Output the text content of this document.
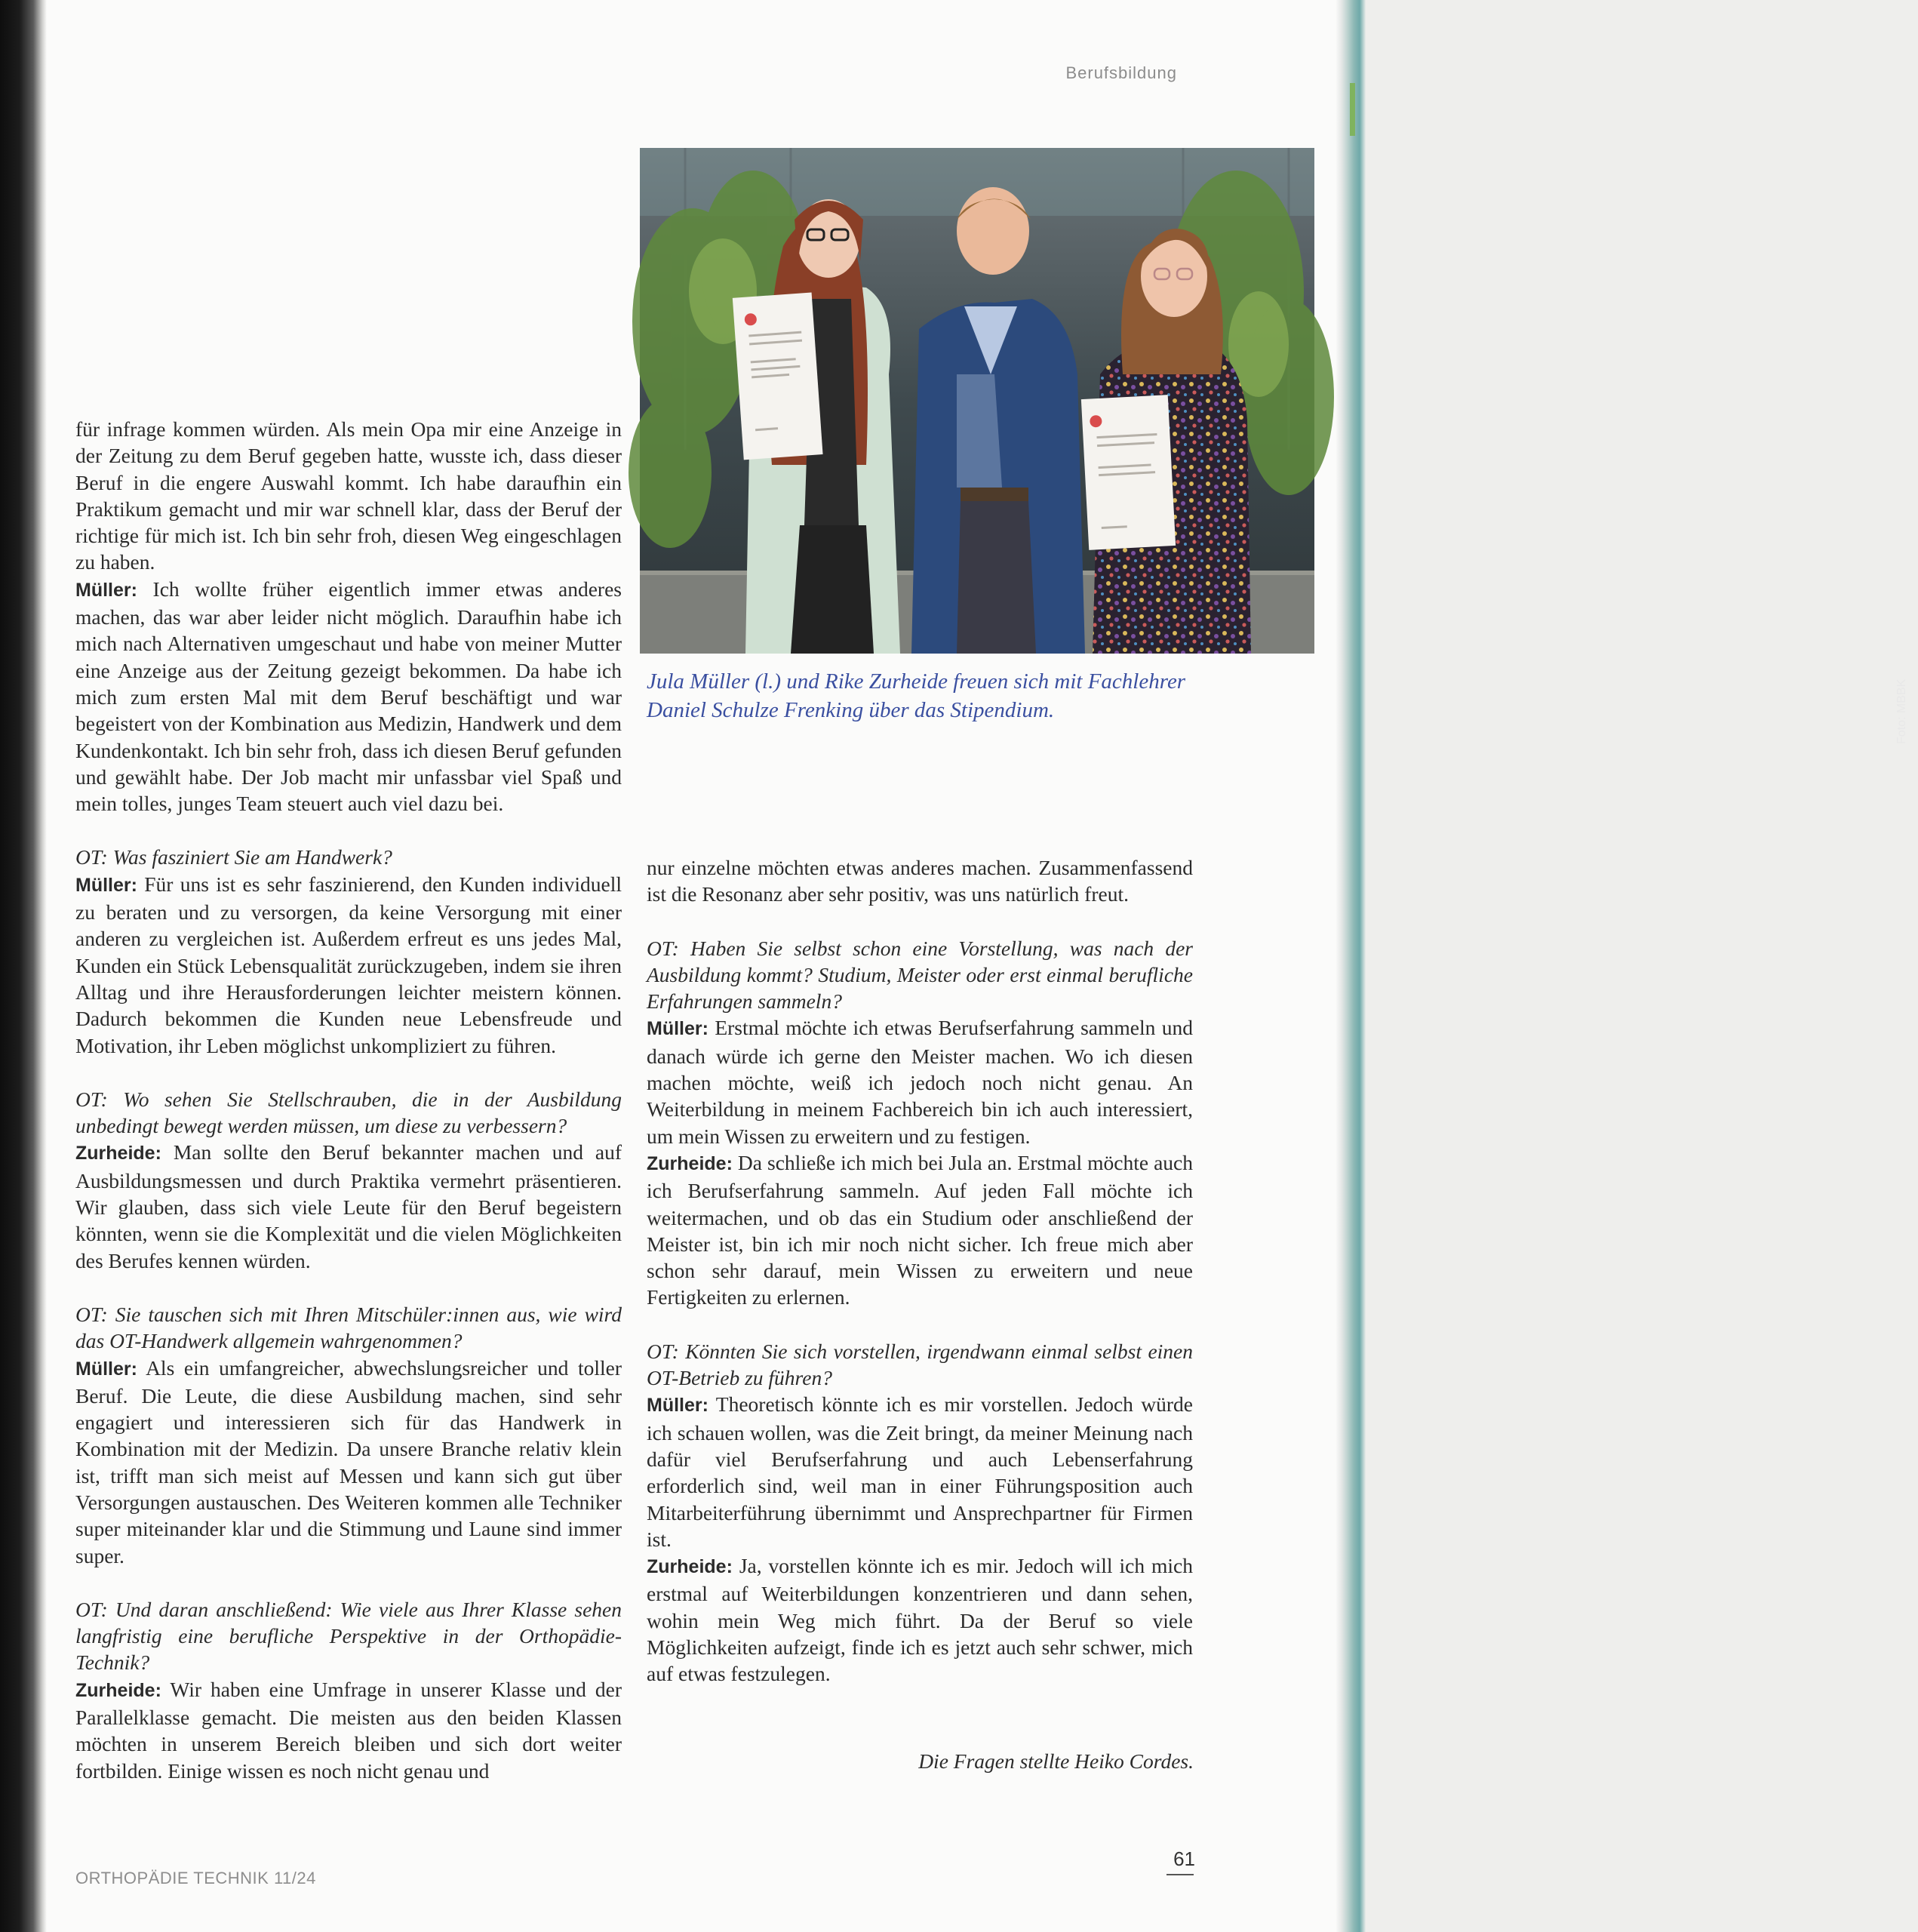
Berufsbildung
Foto: MBBK
Jula Müller (l.) und Rike Zurheide freuen sich mit Fachlehrer Daniel Schulze Frenking über das Stipendium.

für infrage kommen würden. Als mein Opa mir eine Anzeige in der Zeitung zu dem Beruf gegeben hatte, wusste ich, dass dieser Beruf in die engere Auswahl kommt. Ich habe daraufhin ein Praktikum gemacht und mir war schnell klar, dass der Beruf der richtige für mich ist. Ich bin sehr froh, diesen Weg eingeschlagen zu haben.

Müller: Ich wollte früher eigentlich immer etwas anderes machen, das war aber leider nicht möglich. Daraufhin habe ich mich nach Alternativen umgeschaut und habe von meiner Mutter eine Anzeige aus der Zeitung gezeigt bekommen. Da habe ich mich zum ersten Mal mit dem Beruf beschäftigt und war begeistert von der Kombination aus Medizin, Handwerk und dem Kundenkontakt. Ich bin sehr froh, dass ich diesen Beruf gefunden und gewählt habe. Der Job macht mir unfassbar viel Spaß und mein tolles, junges Team steuert auch viel dazu bei.

OT: Was fasziniert Sie am Handwerk?

Müller: Für uns ist es sehr faszinierend, den Kunden individuell zu beraten und zu versorgen, da keine Versorgung mit einer anderen zu vergleichen ist. Außerdem erfreut es uns jedes Mal, Kunden ein Stück Lebensqualität zurückzugeben, indem sie ihren Alltag und ihre Herausforderungen leichter meistern können. Dadurch bekommen die Kunden neue Lebensfreude und Motivation, ihr Leben möglichst unkompliziert zu führen.

OT: Wo sehen Sie Stellschrauben, die in der Ausbildung unbedingt bewegt werden müssen, um diese zu verbessern?

Zurheide: Man sollte den Beruf bekannter machen und auf Ausbildungsmessen und durch Praktika vermehrt präsentieren. Wir glauben, dass sich viele Leute für den Beruf begeistern könnten, wenn sie die Komplexität und die vielen Möglichkeiten des Berufes kennen würden.

OT: Sie tauschen sich mit Ihren Mitschüler:innen aus, wie wird das OT-Handwerk allgemein wahrgenommen?

Müller: Als ein umfangreicher, abwechslungsreicher und toller Beruf. Die Leute, die diese Ausbildung machen, sind sehr engagiert und interessieren sich für das Handwerk in Kombination mit der Medizin. Da unsere Branche relativ klein ist, trifft man sich meist auf Messen und kann sich gut über Versorgungen austauschen. Des Weiteren kommen alle Techniker super miteinander klar und die Stimmung und Laune sind immer super.

OT: Und daran anschließend: Wie viele aus Ihrer Klasse sehen langfristig eine berufliche Perspektive in der Orthopädie-Technik?

Zurheide: Wir haben eine Umfrage in unserer Klasse und der Parallelklasse gemacht. Die meisten aus den beiden Klassen möchten in unserem Bereich bleiben und sich dort weiter fortbilden. Einige wissen es noch nicht genau und

nur einzelne möchten etwas anderes machen. Zusammenfassend ist die Resonanz aber sehr positiv, was uns natürlich freut.

OT: Haben Sie selbst schon eine Vorstellung, was nach der Ausbildung kommt? Studium, Meister oder erst einmal berufliche Erfahrungen sammeln?

Müller: Erstmal möchte ich etwas Berufserfahrung sammeln und danach würde ich gerne den Meister machen. Wo ich diesen machen möchte, weiß ich jedoch noch nicht genau. An Weiterbildung in meinem Fachbereich bin ich auch interessiert, um mein Wissen zu erweitern und zu festigen.

Zurheide: Da schließe ich mich bei Jula an. Erstmal möchte auch ich Berufserfahrung sammeln. Auf jeden Fall möchte ich weitermachen, und ob das ein Studium oder anschließend der Meister ist, bin ich mir noch nicht sicher. Ich freue mich aber schon sehr darauf, mein Wissen zu erweitern und neue Fertigkeiten zu erlernen.

OT: Könnten Sie sich vorstellen, irgendwann einmal selbst einen OT-Betrieb zu führen?

Müller: Theoretisch könnte ich es mir vorstellen. Jedoch würde ich schauen wollen, was die Zeit bringt, da meiner Meinung nach dafür viel Berufserfahrung und auch Lebenserfahrung erforderlich sind, weil man in einer Führungsposition auch Mitarbeiterführung übernimmt und Ansprechpartner für Firmen ist.

Zurheide: Ja, vorstellen könnte ich es mir. Jedoch will ich mich erstmal auf Weiterbildungen konzentrieren und dann sehen, wohin mein Weg mich führt. Da der Beruf so viele Möglichkeiten aufzeigt, finde ich es jetzt auch sehr schwer, mich auf etwas festzulegen.

Die Fragen stellte Heiko Cordes.
ORTHOPÄDIE TECHNIK 11/24
61
